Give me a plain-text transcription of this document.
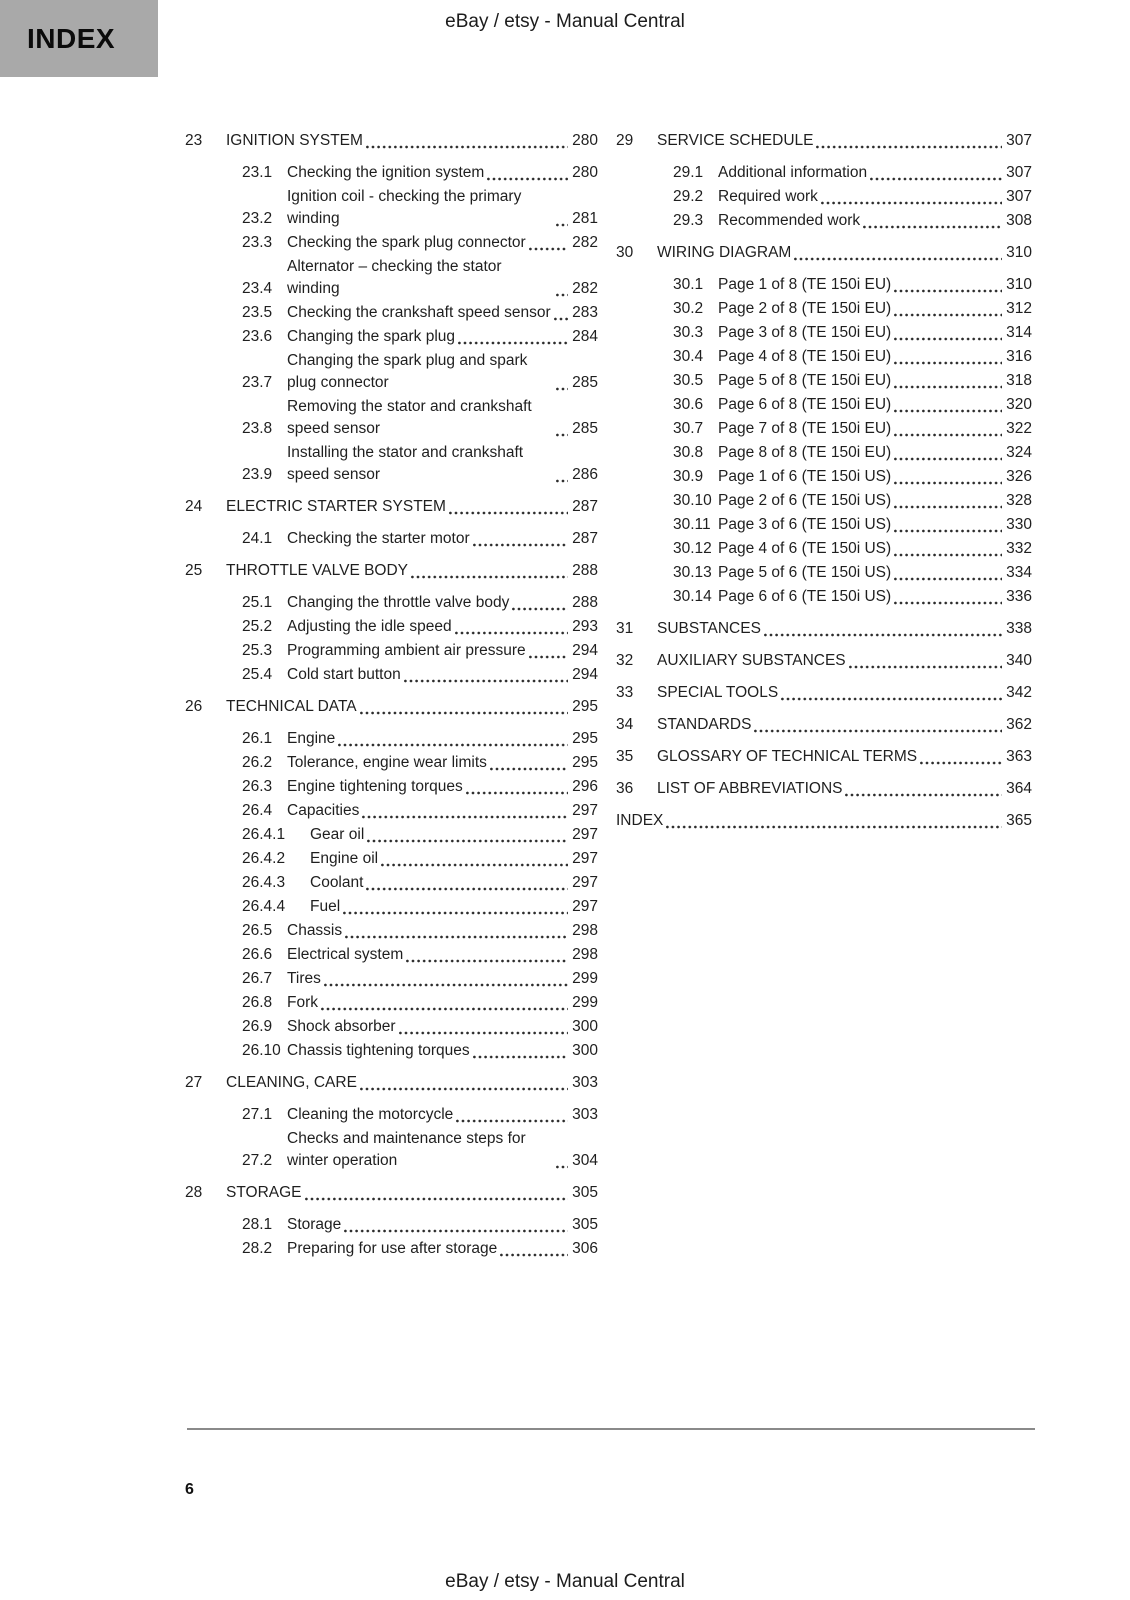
INDEX
eBay / etsy - Manual Central
23	IGNITION SYSTEM	280
23.1 Checking the ignition system	280
23.2
Ignition coil - checking the primary winding	281
23.3 Checking the spark plug connector	282
23.4
Alternator – checking the stator winding	282
23.5 Checking the crankshaft speed sensor 283
23.6 Changing the spark plug	284
23.7
Changing the spark plug and spark plug connector	285
23.8
Removing the stator and crankshaft speed sensor	285
23.9
Installing the stator and crankshaft speed sensor	286
24	ELECTRIC STARTER SYSTEM	287
24.1 Checking the starter motor	287
25	THROTTLE VALVE BODY	288
25.1 Changing the throttle valve body	288
25.2 Adjusting the idle speed	293
25.3 Programming ambient air pressure	294
25.4 Cold start button	294
26	TECHNICAL DATA	295
26.1 Engine	295
26.2 Tolerance, engine wear limits	295
26.3 Engine tightening torques	296
26.4 Capacities	297
26.4.1	Gear oil	297
26.4.2	Engine oil	297
26.4.3	Coolant	297
26.4.4	Fuel	297
26.5 Chassis	298
26.6 Electrical system	298
26.7 Tires	299
26.8 Fork	299
26.9 Shock absorber	300
26.10 Chassis tightening torques	300
27	CLEANING, CARE	303
27.1 Cleaning the motorcycle	303
27.2
Checks and maintenance steps for winter operation	304
28	STORAGE	305
28.1 Storage	305
28.2 Preparing for use after storage	306
29	SERVICE SCHEDULE	307
29.1 Additional information	307
29.2 Required work	307
29.3 Recommended work	308
30	WIRING DIAGRAM	310
30.1 Page 1 of 8 (TE 150i EU)	310
30.2 Page 2 of 8 (TE 150i EU)	312
30.3 Page 3 of 8 (TE 150i EU)	314
30.4 Page 4 of 8 (TE 150i EU)	316
30.5 Page 5 of 8 (TE 150i EU)	318
30.6 Page 6 of 8 (TE 150i EU)	320
30.7 Page 7 of 8 (TE 150i EU)	322
30.8 Page 8 of 8 (TE 150i EU)	324
30.9 Page 1 of 6 (TE 150i US)	326
30.10 Page 2 of 6 (TE 150i US)	328
30.11 Page 3 of 6 (TE 150i US)	330
30.12 Page 4 of 6 (TE 150i US)	332
30.13 Page 5 of 6 (TE 150i US)	334
30.14 Page 6 of 6 (TE 150i US)	336
31	SUBSTANCES	338
32	AUXILIARY SUBSTANCES	340
33	SPECIAL TOOLS	342
34	STANDARDS	362
35	GLOSSARY OF TECHNICAL TERMS	363
36	LIST OF ABBREVIATIONS	364
INDEX	365
6
eBay / etsy - Manual Central
